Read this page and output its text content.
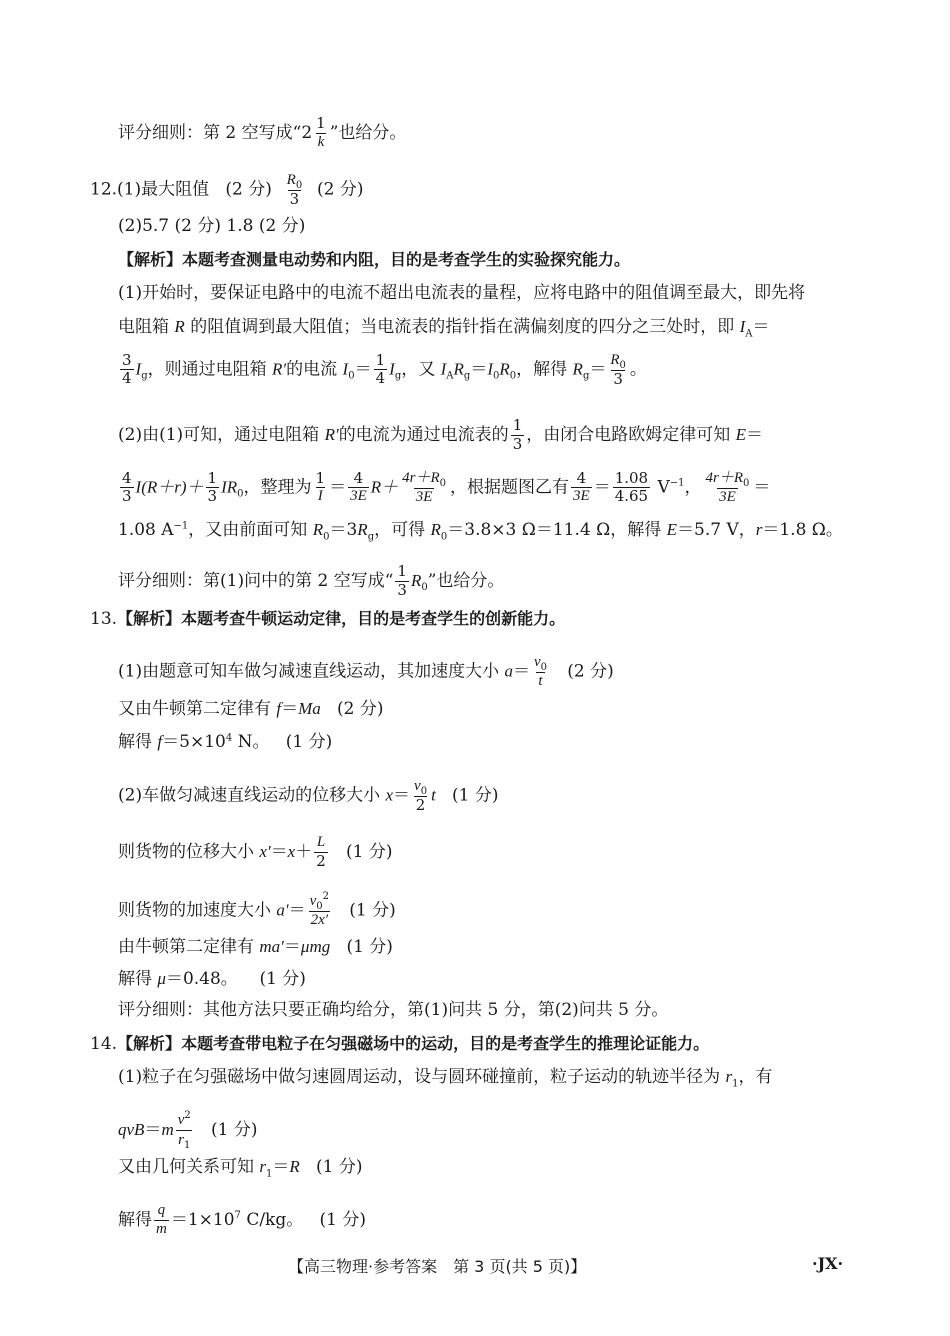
评分细则：第 2 空写成“$2 \frac{1}{k}$ ”也给分。
12.(1)最大阻值 (2 分) $\frac{R_0}{3} (2$ 分)
(2)5.7 (2 分) 1.8 (2 分)
【解析】本题考查测量电动势和内阻，目的是考查学生的实验探究能力。
(1)开始时，要保证电路中的电流不超出电流表的量程，应将电路中的阻值调至最大，即先将
电阻箱 R 的阻值调到最大阻值；当电流表的指针指在满偏刻度的四分之三处时，即 $I_A=$
$\frac{3}{4} I_g$，则通过电阻箱 R′的电流 $I_0= \frac{1}{4} I_g$，又 $I_AR_g=I_0R_0$，解得 $R_g= \frac{R_0}{3}$ 。
(2)由(1)可知，通过电阻箱 R′的电流为通过电流表的 $\frac{1}{3}$ ，由闭合电路欧姆定律可知 E＝
$\frac{4}{3} I(R+r)+ \frac{1}{3} IR_0$，整理为 $\frac{1}{I} = \frac{4}{3E} R+ \frac{4r+R_0}{3E}$ ，根据题图乙有 $\frac{4}{3E} = \frac{1.08}{4.65} V^{-1}$， $\frac{4r+R_0}{3E}$ ＝
1.08 $A^{-1}$，又由前面可知 $R_0=3R_g$，可得 $R_0=3.8\times 3$ Ω＝11.4 Ω，解得 E＝5.7 V，r＝1.8 Ω。
评分细则：第(1)问中的第 2 空写成“ $\frac{1}{3} R_0$”也给分。
13.【解析】本题考查牛顿运动定律，目的是考查学生的创新能力。
(1)由题意可知车做匀减速直线运动，其加速度大小 $a= \frac{v_0}{t} (2$ 分)
又由牛顿第二定律有 f＝Ma (2 分)
解得 $f=5\times 10^4$ N。 (1 分)
(2)车做匀减速直线运动的位移大小 $x= \frac{v_0}{2}$ t (1 分)
则货物的位移大小 $x'=x+ \frac{L}{2} (1$ 分)
则货物的加速度大小 $a'= \frac{v_0^2}{2x'} (1$ 分)
由牛顿第二定律有 ma′＝μmg (1 分)
解得 μ＝0.48。 (1 分)
评分细则：其他方法只要正确均给分，第(1)问共 5 分，第(2)问共 5 分。
14.【解析】本题考查带电粒子在匀强磁场中的运动，目的是考查学生的推理论证能力。
(1)粒子在匀强磁场中做匀速圆周运动，设与圆环碰撞前，粒子运动的轨迹半径为 $r_1$，有
$qvB=m \frac{v^2}{r_1} (1$ 分)
又由几何关系可知 $r_1=R$ (1 分)
解得 $\frac{q}{m} =1\times 10^7$ C/kg。 (1 分)
【高三物理·参考答案　第 3 页(共 5 页)】	·JX·
